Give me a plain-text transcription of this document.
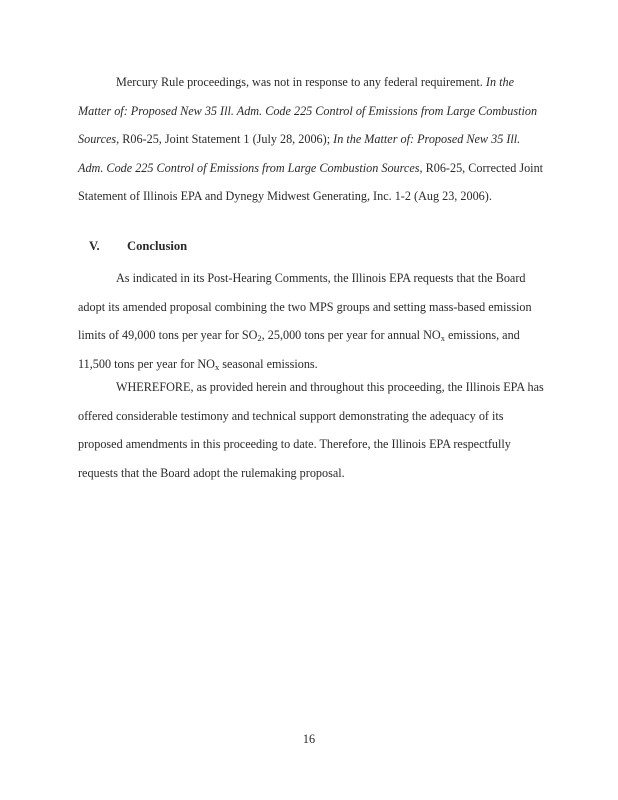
Mercury Rule proceedings, was not in response to any federal requirement. In the Matter of: Proposed New 35 Ill. Adm. Code 225 Control of Emissions from Large Combustion Sources, R06-25, Joint Statement 1 (July 28, 2006); In the Matter of: Proposed New 35 Ill. Adm. Code 225 Control of Emissions from Large Combustion Sources, R06-25, Corrected Joint Statement of Illinois EPA and Dynegy Midwest Generating, Inc. 1-2 (Aug 23, 2006).

V. Conclusion

As indicated in its Post-Hearing Comments, the Illinois EPA requests that the Board adopt its amended proposal combining the two MPS groups and setting mass-based emission limits of 49,000 tons per year for $SO_2$, 25,000 tons per year for annual $NO_x$ emissions, and 11,500 tons per year for $NO_x$ seasonal emissions.

WHEREFORE, as provided herein and throughout this proceeding, the Illinois EPA has offered considerable testimony and technical support demonstrating the adequacy of its proposed amendments in this proceeding to date. Therefore, the Illinois EPA respectfully requests that the Board adopt the rulemaking proposal.

16
